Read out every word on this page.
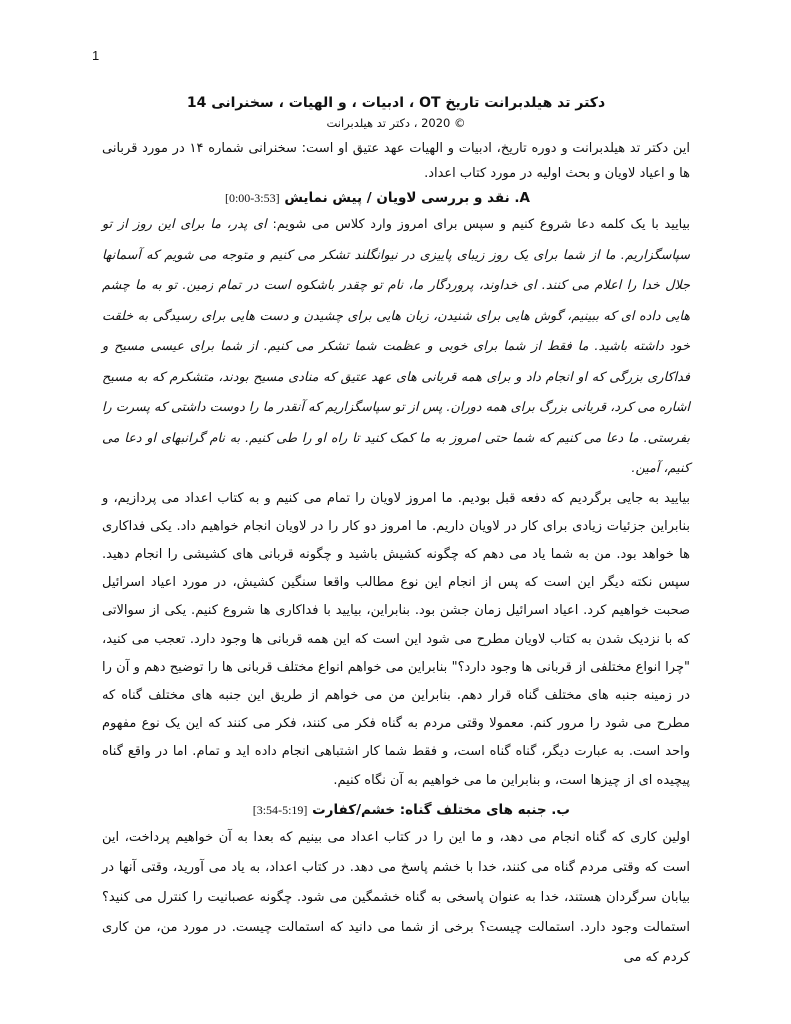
1
دکتر تد هیلدبرانت تاریخ OT ، ادبیات ، و الهیات ، سخنرانی 14

© 2020 ، دکتر تد هیلدبرانت

این دکتر تد هیلدبرانت و دوره تاریخ، ادبیات و الهیات عهد عتیق او است: سخنرانی شماره ۱۴ در مورد قربانی ها و اعیاد لاویان و بحث اولیه در مورد کتاب اعداد.

A. نقد و بررسی لاویان / پیش نمایش [3:53-0:00]

بیایید با یک کلمه دعا شروع کنیم و سپس برای امروز وارد کلاس می شویم: ای پدر، ما برای این روز از تو سپاسگزاریم. ما از شما برای یک روز زیبای پاییزی در نیوانگلند تشکر می کنیم و متوجه می شویم که آسمانها جلال خدا را اعلام می کنند. ای خداوند، پروردگار ما، نام تو چقدر باشکوه است در تمام زمین. تو به ما چشم هایی داده ای که ببینیم، گوش هایی برای شنیدن، زبان هایی برای چشیدن و دست هایی برای رسیدگی به خلقت خود داشته باشید. ما فقط از شما برای خوبی و عظمت شما تشکر می کنیم. از شما برای عیسی مسیح و فداکاری بزرگی که او انجام داد و برای همه قربانی های عهد عتیق که منادی مسیح بودند، متشکرم که به مسیح اشاره می کرد، قربانی بزرگ برای همه دوران. پس از تو سپاسگزاریم که آنقدر ما را دوست داشتی که پسرت را بفرستی. ما دعا می کنیم که شما حتی امروز به ما کمک کنید تا راه او را طی کنیم. به نام گرانبهای او دعا می کنیم، آمین.

بیایید به جایی برگردیم که دفعه قبل بودیم. ما امروز لاویان را تمام می کنیم و به کتاب اعداد می پردازیم، و بنابراین جزئیات زیادی برای کار در لاویان داریم. ما امروز دو کار را در لاویان انجام خواهیم داد. یکی فداکاری ها خواهد بود. من به شما یاد می دهم که چگونه کشیش باشید و چگونه قربانی های کشیشی را انجام دهید. سپس نکته دیگر این است که پس از انجام این نوع مطالب واقعا سنگین کشیش، در مورد اعیاد اسرائیل صحبت خواهیم کرد. اعیاد اسرائیل زمان جشن بود. بنابراین، بیایید با فداکاری ها شروع کنیم. یکی از سوالاتی که با نزدیک شدن به کتاب لاویان مطرح می شود این است که این همه قربانی ها وجود دارد. تعجب می کنید، "چرا انواع مختلفی از قربانی ها وجود دارد؟" بنابراین می خواهم انواع مختلف قربانی ها را توضیح دهم و آن را در زمینه جنبه های مختلف گناه قرار دهم. بنابراین من می خواهم از طریق این جنبه های مختلف گناه که مطرح می شود را مرور کنم. معمولا وقتی مردم به گناه فکر می کنند، فکر می کنند که این یک نوع مفهوم واحد است. به عبارت دیگر، گناه گناه است، و فقط شما کار اشتباهی انجام داده اید و تمام. اما در واقع گناه پیچیده ای از چیزها است، و بنابراین ما می خواهیم به آن نگاه کنیم.

ب. جنبه های مختلف گناه: خشم/کفارت [5:19-3:54]

اولین کاری که گناه انجام می دهد، و ما این را در کتاب اعداد می بینیم که بعدا به آن خواهیم پرداخت، این است که وقتی مردم گناه می کنند، خدا با خشم پاسخ می دهد. در کتاب اعداد، به یاد می آورید، وقتی آنها در بیابان سرگردان هستند، خدا به عنوان پاسخی به گناه خشمگین می شود. چگونه عصبانیت را کنترل می کنید؟ استمالت وجود دارد. استمالت چیست؟ برخی از شما می دانید که استمالت چیست. در مورد من، من کاری کردم که می
